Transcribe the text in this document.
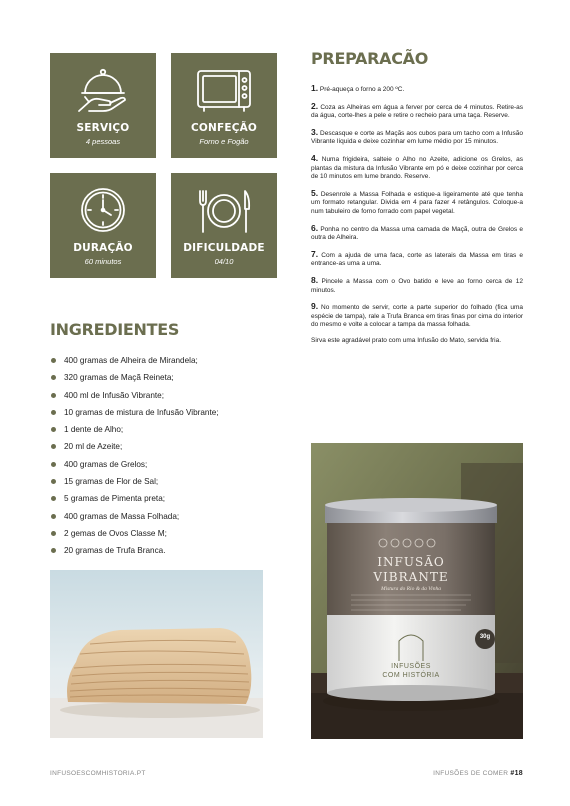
SERVIÇO
4 pessoas
CONFEÇÃO
Forno e Fogão
DURAÇÃO
60 minutos
DIFICULDADE
04/10
INGREDIENTES
400 gramas de Alheira de Mirandela;
320 gramas de Maçã Reineta;
400 ml de Infusão Vibrante;
10 gramas de mistura de Infusão Vibrante;
1 dente de Alho;
20 ml de Azeite;
400 gramas de Grelos;
15 gramas de Flor de Sal;
5 gramas de Pimenta preta;
400 gramas de Massa Folhada;
2 gemas de Ovos Classe M;
20 gramas de Trufa Branca.
PREPARACÃO

1. Pré-aqueça o forno a 200 ºC.

2. Coza as Alheiras em água a ferver por cerca de 4 minutos. Retire-as da água, corte-lhes a pele e retire o recheio para uma taça. Reserve.

3. Descasque e corte as Maçãs aos cubos para um tacho com a Infusão Vibrante líquida e deixe cozinhar em lume médio por 15 minutos.

4. Numa frigideira, salteie o Alho no Azeite, adicione os Grelos, as plantas da mistura da Infusão Vibrante em pó e deixe cozinhar por cerca de 10 minutos em lume brando. Reserve.

5. Desenrole a Massa Folhada e estique-a ligeiramente até que tenha um formato retangular. Divida em 4 para fazer 4 retângulos. Coloque-a num tabuleiro de forno forrado com papel vegetal.

6. Ponha no centro da Massa uma camada de Maçã, outra de Grelos e outra de Alheira.

7. Com a ajuda de uma faca, corte as laterais da Massa em tiras e entrance-as uma a uma.

8. Pincele a Massa com o Ovo batido e leve ao forno cerca de 12 minutos.

9. No momento de servir, corte a parte superior do folhado (fica uma espécie de tampa), rale a Trufa Branca em tiras finas por cima do interior do mesmo e volte a colocar a tampa da massa folhada.

Sirva este agradável prato com uma Infusão do Mato, servida fria.

INFUSÃO
VIBRANTE
Mistura do Rio & da Vinha
30g
INFUSÕES
COM HISTÓRIA
INFUSOESCOMHISTORIA.PT	INFUSÕES DE COMER #18
